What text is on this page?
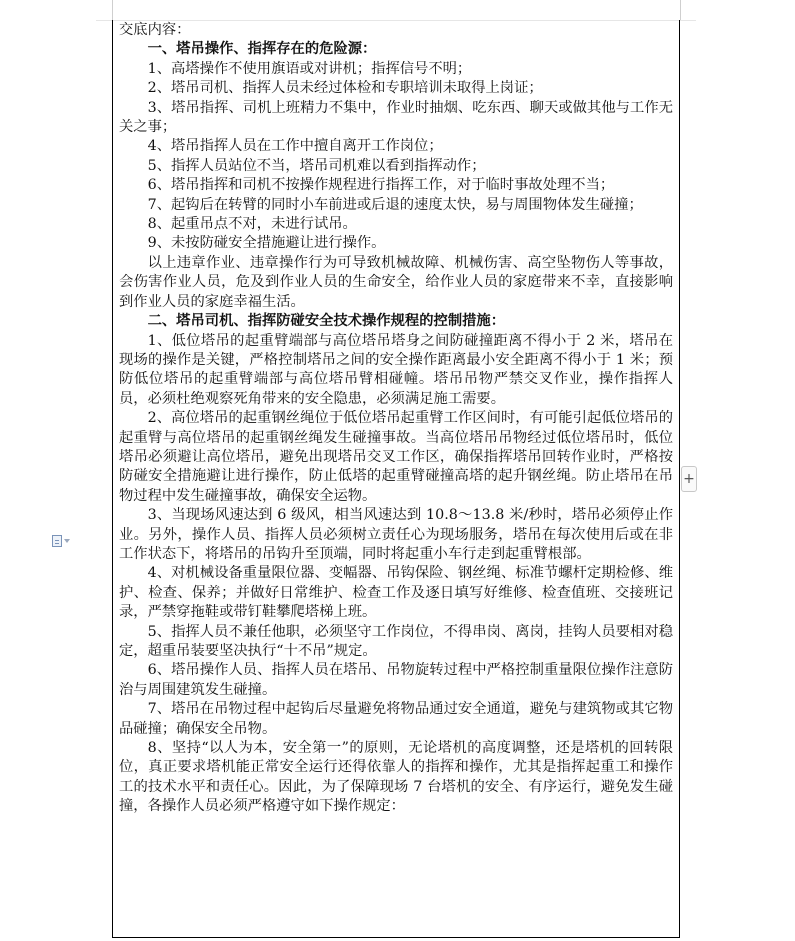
交底内容：

一、塔吊操作、指挥存在的危险源：

1、高塔操作不使用旗语或对讲机；指挥信号不明；

2、塔吊司机、指挥人员未经过体检和专职培训未取得上岗证；

3、塔吊指挥、司机上班精力不集中，作业时抽烟、吃东西、聊天或做其他与工作无关之事；

4、塔吊指挥人员在工作中擅自离开工作岗位；

5、指挥人员站位不当，塔吊司机难以看到指挥动作；

6、塔吊指挥和司机不按操作规程进行指挥工作，对于临时事故处理不当；

7、起钩后在转臂的同时小车前进或后退的速度太快，易与周围物体发生碰撞；

8、起重吊点不对，未进行试吊。

9、未按防碰安全措施避让进行操作。

以上违章作业、违章操作行为可导致机械故障、机械伤害、高空坠物伤人等事故，会伤害作业人员，危及到作业人员的生命安全，给作业人员的家庭带来不幸，直接影响到作业人员的家庭幸福生活。

二、塔吊司机、指挥防碰安全技术操作规程的控制措施：

1、低位塔吊的起重臂端部与高位塔吊塔身之间防碰撞距离不得小于 2 米，塔吊在现场的操作是关键，严格控制塔吊之间的安全操作距离最小安全距离不得小于 1 米；预防低位塔吊的起重臂端部与高位塔吊臂相碰幢。塔吊吊物严禁交叉作业，操作指挥人员，必须杜绝观察死角带来的安全隐患，必须满足施工需要。

2、高位塔吊的起重钢丝绳位于低位塔吊起重臂工作区间时，有可能引起低位塔吊的起重臂与高位塔吊的起重钢丝绳发生碰撞事故。当高位塔吊吊物经过低位塔吊时，低位塔吊必须避让高位塔吊，避免出现塔吊交叉工作区，确保指挥塔吊回转作业时，严格按防碰安全措施避让进行操作，防止低塔的起重臂碰撞高塔的起升钢丝绳。防止塔吊在吊物过程中发生碰撞事故，确保安全运物。

3、当现场风速达到 6 级风，相当风速达到 10.8～13.8 米/秒时，塔吊必须停止作业。另外，操作人员、指挥人员必须树立责任心为现场服务，塔吊在每次使用后或在非工作状态下，将塔吊的吊钩升至顶端，同时将起重小车行走到起重臂根部。

4、对机械设备重量限位器、变幅器、吊钩保险、钢丝绳、标准节螺杆定期检修、维护、检查、保养；并做好日常维护、检查工作及逐日填写好维修、检查值班、交接班记录，严禁穿拖鞋或带钉鞋攀爬塔梯上班。

5、指挥人员不兼任他职，必须坚守工作岗位，不得串岗、离岗，挂钩人员要相对稳定，超重吊装要坚决执行“十不吊”规定。

6、塔吊操作人员、指挥人员在塔吊、吊物旋转过程中严格控制重量限位操作注意防治与周围建筑发生碰撞。

7、塔吊在吊物过程中起钩后尽量避免将物品通过安全通道，避免与建筑物或其它物品碰撞；确保安全吊物。

8、坚持“以人为本，安全第一”的原则，无论塔机的高度调整，还是塔机的回转限位，真正要求塔机能正常安全运行还得依靠人的指挥和操作，尤其是指挥起重工和操作工的技术水平和责任心。因此，为了保障现场 7 台塔机的安全、有序运行，避免发生碰撞，各操作人员必须严格遵守如下操作规定：

+
